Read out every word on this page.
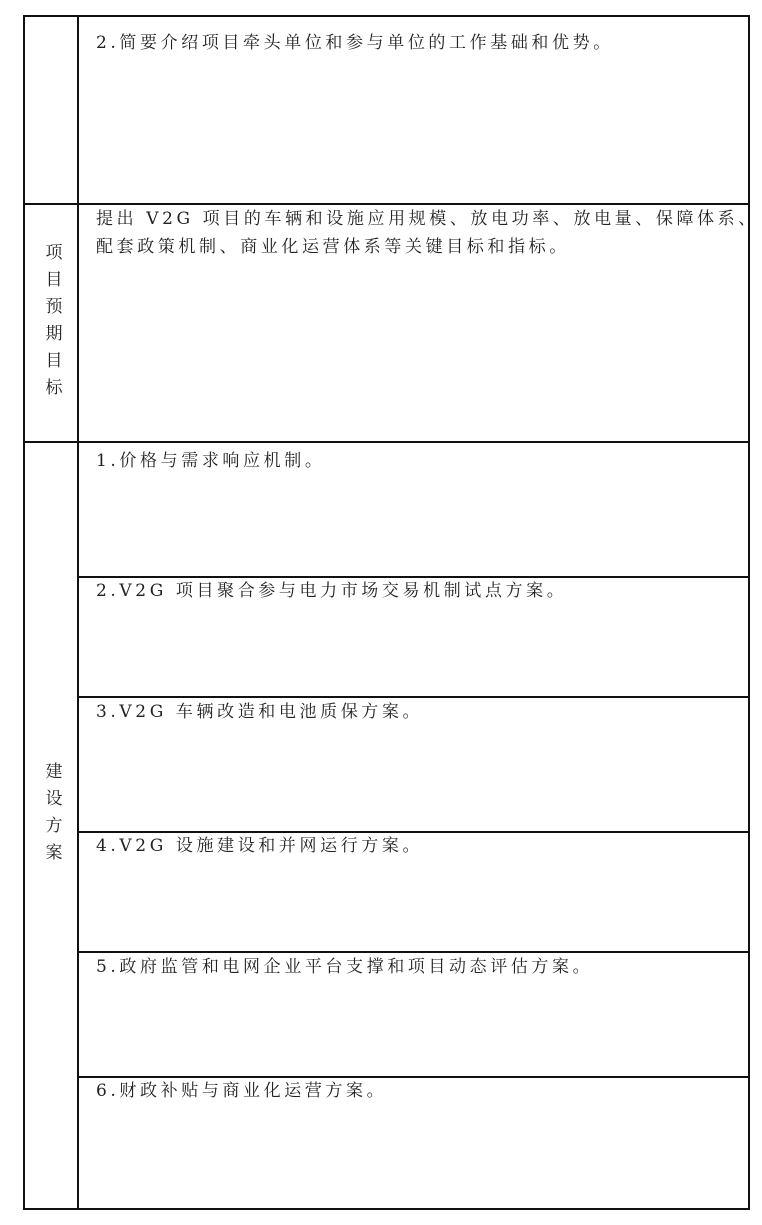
2.简要介绍项目牵头单位和参与单位的工作基础和优势。
项
目
预
期
目
标
提出 V2G 项目的车辆和设施应用规模、放电功率、放电量、保障体系、
配套政策机制、商业化运营体系等关键目标和指标。
建
设
方
案
1.价格与需求响应机制。
2.V2G 项目聚合参与电力市场交易机制试点方案。
3.V2G 车辆改造和电池质保方案。
4.V2G 设施建设和并网运行方案。
5.政府监管和电网企业平台支撑和项目动态评估方案。
6.财政补贴与商业化运营方案。
